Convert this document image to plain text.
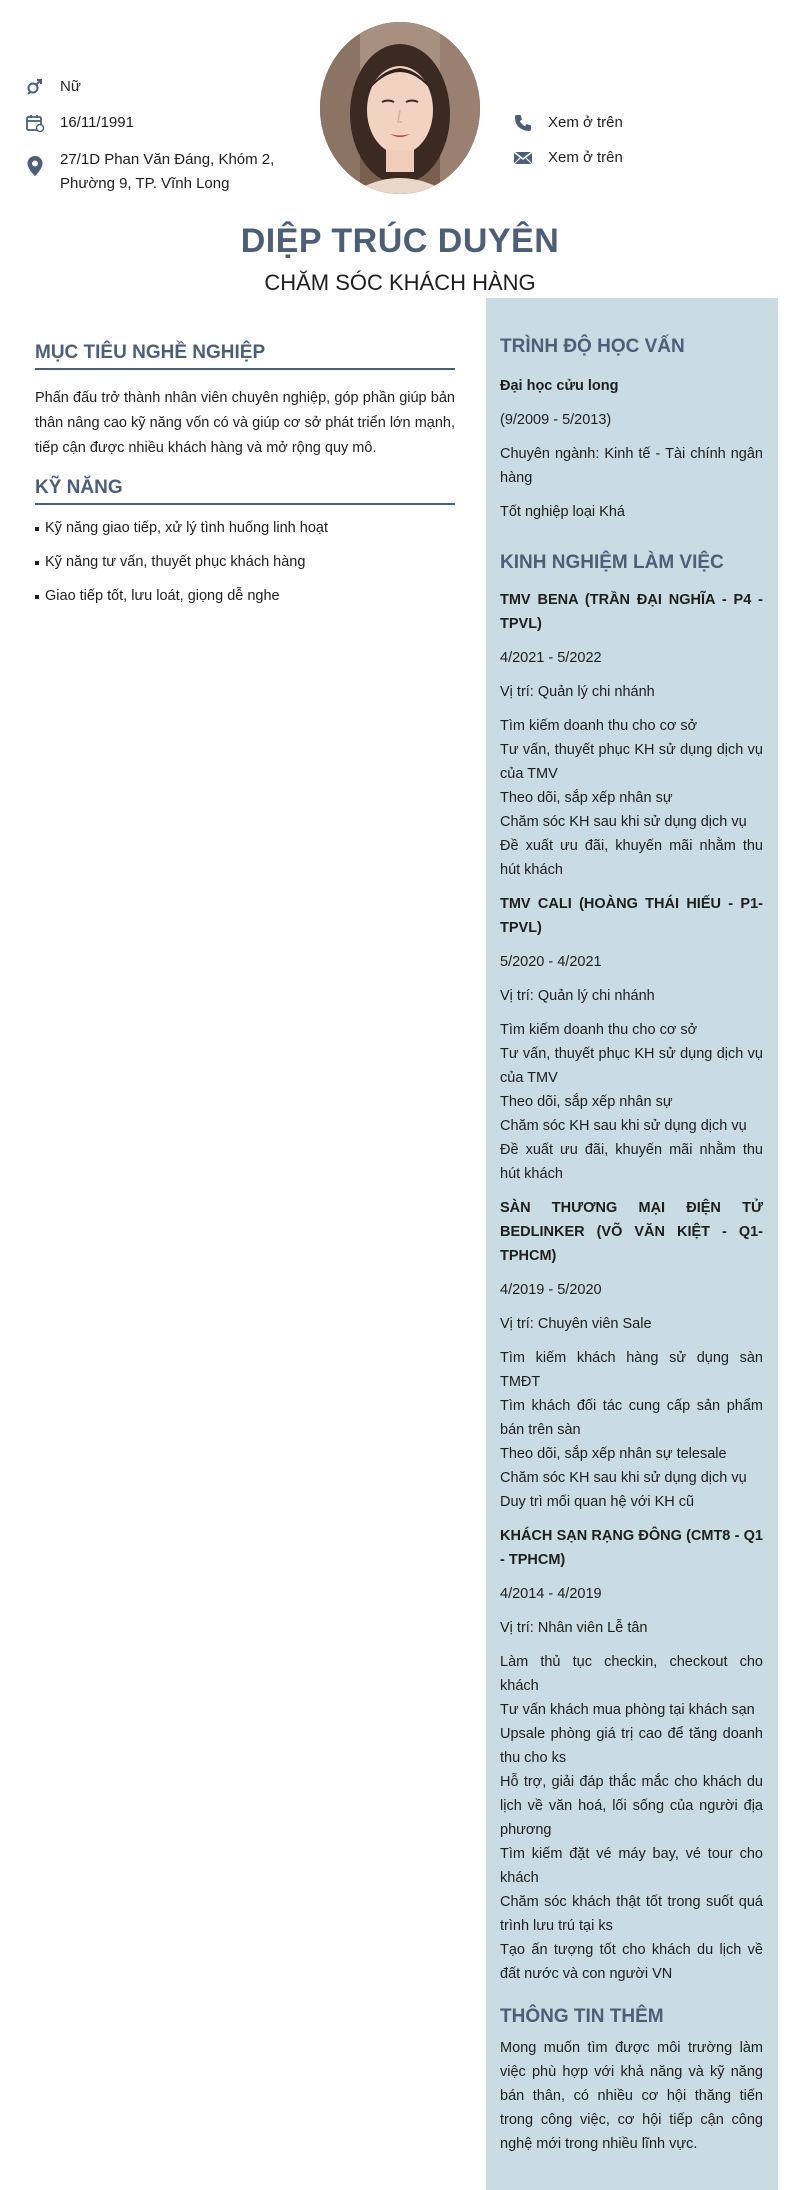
Nữ
16/11/1991
27/1D Phan Văn Đáng, Khóm 2, Phường 9, TP. Vĩnh Long
Xem ở trên
Xem ở trên
DIỆP TRÚC DUYÊN
CHĂM SÓC KHÁCH HÀNG
MỤC TIÊU NGHỀ NGHIỆP

Phấn đấu trở thành nhân viên chuyên nghiệp, góp phần giúp bản thân nâng cao kỹ năng vốn có và giúp cơ sở phát triển lớn mạnh, tiếp cận được nhiều khách hàng và mở rộng quy mô.

KỸ NĂNG
Kỹ năng giao tiếp, xử lý tình huống linh hoạt
Kỹ năng tư vấn, thuyết phục khách hàng
Giao tiếp tốt, lưu loát, giọng dễ nghe
TRÌNH ĐỘ HỌC VẤN

Đại học cửu long

(9/2009 - 5/2013)

Chuyên ngành: Kinh tế - Tài chính ngân hàng

Tốt nghiệp loại Khá

KINH NGHIỆM LÀM VIỆC

TMV BENA (TRẦN ĐẠI NGHĨA - P4 - TPVL)

4/2021 - 5/2022

Vị trí: Quản lý chi nhánh

Tìm kiếm doanh thu cho cơ sở

Tư vấn, thuyết phục KH sử dụng dịch vụ của TMV

Theo dõi, sắp xếp nhân sự

Chăm sóc KH sau khi sử dụng dịch vụ

Đề xuất ưu đãi, khuyến mãi nhằm thu hút khách

TMV CALI (HOÀNG THÁI HIẾU - P1- TPVL)

5/2020 - 4/2021

Vị trí: Quản lý chi nhánh

Tìm kiếm doanh thu cho cơ sở

Tư vấn, thuyết phục KH sử dụng dịch vụ của TMV

Theo dõi, sắp xếp nhân sự

Chăm sóc KH sau khi sử dụng dịch vụ

Đề xuất ưu đãi, khuyến mãi nhằm thu hút khách

SÀN THƯƠNG MẠI ĐIỆN TỬ BEDLINKER (VÕ VĂN KIỆT - Q1- TPHCM)

4/2019 - 5/2020

Vị trí: Chuyên viên Sale

Tìm kiếm khách hàng sử dụng sàn TMĐT

Tìm khách đối tác cung cấp sản phẩm bán trên sàn

Theo dõi, sắp xếp nhân sự telesale

Chăm sóc KH sau khi sử dụng dịch vụ

Duy trì mối quan hệ với KH cũ

KHÁCH SẠN RẠNG ĐÔNG (CMT8 - Q1 - TPHCM)

4/2014 - 4/2019

Vị trí: Nhân viên Lễ tân

Làm thủ tục checkin, checkout cho khách

Tư vấn khách mua phòng tại khách sạn

Upsale phòng giá trị cao để tăng doanh thu cho ks

Hỗ trợ, giải đáp thắc mắc cho khách du lịch về văn hoá, lối sống của người địa phương

Tìm kiếm đặt vé máy bay, vé tour cho khách

Chăm sóc khách thật tốt trong suốt quá trình lưu trú tại ks

Tạo ấn tượng tốt cho khách du lịch về đất nước và con người VN

THÔNG TIN THÊM

Mong muốn tìm được môi trường làm việc phù hợp với khả năng và kỹ năng bán thân, có nhiều cơ hội thăng tiến trong công việc, cơ hội tiếp cận công nghệ mới trong nhiều lĩnh vực.
